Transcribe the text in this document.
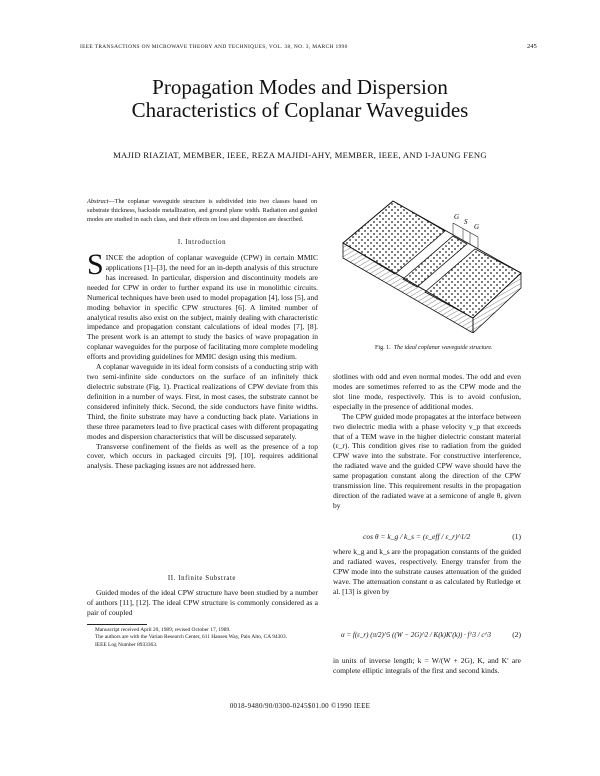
IEEE TRANSACTIONS ON MICROWAVE THEORY AND TECHNIQUES, VOL. 38, NO. 3, MARCH 1990	245
Propagation Modes and Dispersion Characteristics of Coplanar Waveguides
MAJID RIAZIAT, MEMBER, IEEE, REZA MAJIDI-AHY, MEMBER, IEEE, AND I-JAUNG FENG
Abstract—The coplanar waveguide structure is subdivided into two classes based on substrate thickness, backside metallization, and ground plane width. Radiation and guided modes are studied in each class, and their effects on loss and dispersion are described.
I. Introduction

SINCE the adoption of coplanar waveguide (CPW) in certain MMIC applications [1]–[3], the need for an in-depth analysis of this structure has increased. In particular, dispersion and discontinuity models are needed for CPW in order to further expand its use in monolithic circuits. Numerical techniques have been used to model propagation [4], loss [5], and moding behavior in specific CPW structures [6]. A limited number of analytical results also exist on the subject, mainly dealing with characteristic impedance and propagation constant calculations of ideal modes [7], [8]. The present work is an attempt to study the basics of wave propagation in coplanar waveguides for the purpose of facilitating more complete modeling efforts and providing guidelines for MMIC design using this medium.

A coplanar waveguide in its ideal form consists of a conducting strip with two semi-infinite side conductors on the surface of an infinitely thick dielectric substrate (Fig. 1). Practical realizations of CPW deviate from this definition in a number of ways. First, in most cases, the substrate cannot be considered infinitely thick. Second, the side conductors have finite widths. Third, the finite substrate may have a conducting back plate. Variations in these three parameters lead to five practical cases with different propagating modes and dispersion characteristics that will be discussed separately.

Transverse confinement of the fields as well as the presence of a top cover, which occurs in packaged circuits [9], [10], requires additional analysis. These packaging issues are not addressed here.

II. Infinite Substrate

Guided modes of the ideal CPW structure have been studied by a number of authors [11], [12]. The ideal CPW structure is commonly considered as a pair of coupled

Manuscript received April 20, 1989; revised October 17, 1989.

The authors are with the Varian Research Center, 611 Hansen Way, Palo Alto, CA 94303.

IEEE Log Number 8933363.

G
S
G
Fig. 1. The ideal coplanar waveguide structure.

slotlines with odd and even normal modes. The odd and even modes are sometimes referred to as the CPW mode and the slot line mode, respectively. This is to avoid confusion, especially in the presence of additional modes.

The CPW guided mode propagates at the interface between two dielectric media with a phase velocity v_p that exceeds that of a TEM wave in the higher dielectric constant material (ε_r). This condition gives rise to radiation from the guided CPW wave into the substrate. For constructive interference, the radiated wave and the guided CPW wave should have the same propagation constant along the direction of the CPW transmission line. This requirement results in the propagation direction of the radiated wave at a semicone of angle θ, given by

cos θ = k_g / k_s = (ε_eff / ε_r)^1/2	(1)

where k_g and k_s are the propagation constants of the guided and radiated waves, respectively. Energy transfer from the CPW mode into the substrate causes attenuation of the guided wave. The attenuation constant α as calculated by Rutledge et al. [13] is given by

α = f(ε_r) (π/2)^5 ((W − 2G)^2 / K(k)K′(k)) · f^3 / c^3	(2)

in units of inverse length; k = W/(W + 2G), K, and K′ are complete elliptic integrals of the first and second kinds.

0018-9480/90/0300-0245$01.00 ©1990 IEEE
